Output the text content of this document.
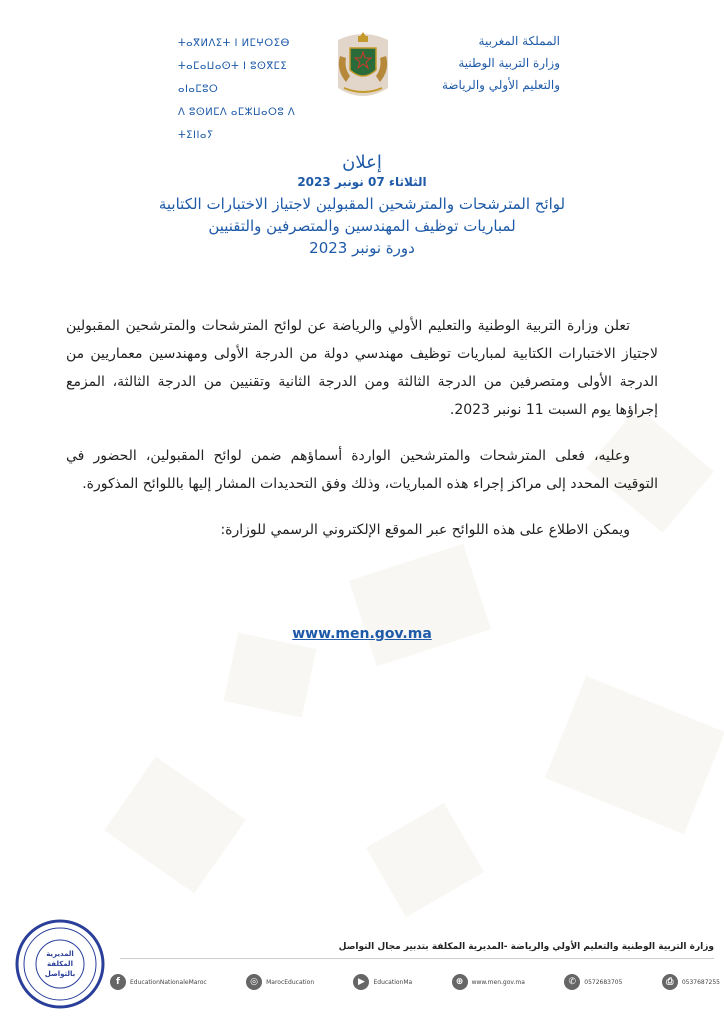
ⵜⴰⴳⵍⴷⵉⵜ ⵏ ⵍⵎⵖⵔⵉⴱ
ⵜⴰⵎⴰⵡⴰⵙⵜ ⵏ ⵓⵙⴳⵎⵉ ⴰⵏⴰⵎⵓⵔ
ⴷ ⵓⵙⵍⵎⴷ ⴰⵎⵣⵡⴰⵔⵓ ⴷ ⵜⵉⵏⵏⴰⵢ
المملكة المغربية
وزارة التربية الوطنية
والتعليم الأولي والرياضة
إعلان
الثلاثاء 07 نونبر 2023
لوائح المترشحات والمترشحين المقبولين لاجتياز الاختبارات الكتابية
لمباريات توظيف المهندسين والمتصرفين والتقنيين
دورة نونبر 2023

تعلن وزارة التربية الوطنية والتعليم الأولي والرياضة عن لوائح المترشحات والمترشحين المقبولين لاجتياز الاختبارات الكتابية لمباريات توظيف مهندسي دولة من الدرجة الأولى ومهندسين معماريين من الدرجة الأولى ومتصرفين من الدرجة الثالثة ومن الدرجة الثانية وتقنيين من الدرجة الثالثة، المزمع إجراؤها يوم السبت 11 نونبر 2023.

وعليه، فعلى المترشحات والمترشحين الواردة أسماؤهم ضمن لوائح المقبولين، الحضور في التوقيت المحدد إلى مراكز إجراء هذه المباريات، وذلك وفق التحديدات المشار إليها باللوائح المذكورة.

ويمكن الاطلاع على هذه اللوائح عبر الموقع الإلكتروني الرسمي للوزارة:

www.men.gov.ma
المديرية
المكلفة
بالتواصل
وزارة التربية الوطنية والتعليم الأولي والرياضة -المديرية المكلفة بتدبير مجال التواصل
f	EducationNationaleMaroc	◎	MarocEducation	▶	EducationMa	⊕	www.men.gov.ma	✆	0572683705	⎙	0537687255
